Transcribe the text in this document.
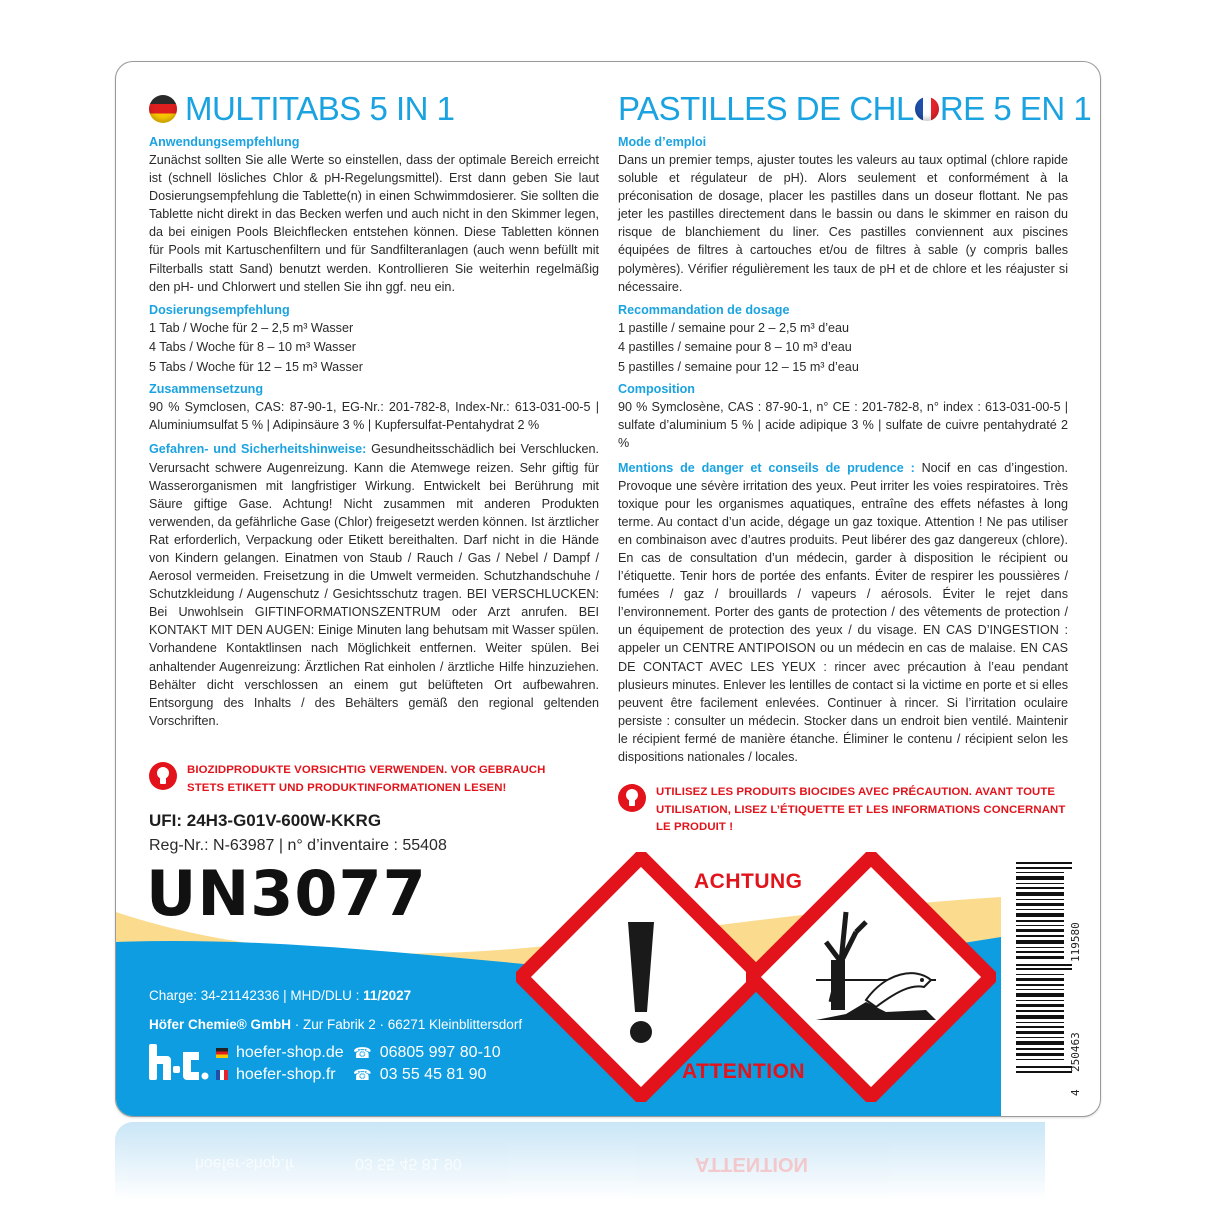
MULTITABS 5 IN 1
Anwendungsempfehlung

Zunächst sollten Sie alle Werte so einstellen, dass der optimale Bereich erreicht ist (schnell lösliches Chlor & pH-Regelungsmittel). Erst dann geben Sie laut Dosierungsempfehlung die Tablette(n) in einen Schwimmdosierer. Sie sollten die Tablette nicht direkt in das Becken werfen und auch nicht in den Skimmer legen, da bei einigen Pools Bleichflecken entstehen können. Diese Tabletten können für Pools mit Kartuschenfiltern und für Sandfilteranlagen (auch wenn befüllt mit Filterballs statt Sand) benutzt werden. Kontrollieren Sie weiterhin regelmäßig den pH- und Chlorwert und stellen Sie ihn ggf. neu ein.

Dosierungsempfehlung
1 Tab / Woche für 2 – 2,5 m³ Wasser
4 Tabs / Woche für 8 – 10 m³ Wasser
5 Tabs / Woche für 12 – 15 m³ Wasser
Zusammensetzung

90 % Symclosen, CAS: 87-90-1, EG-Nr.: 201-782-8, Index-Nr.: 613-031-00-5 | Aluminiumsulfat 5 % | Adipinsäure 3 % | Kupfersulfat-Pentahydrat 2 %

Gefahren- und Sicherheitshinweise: Gesundheitsschädlich bei Verschlucken. Verursacht schwere Augenreizung. Kann die Atemwege reizen. Sehr giftig für Wasserorganismen mit langfristiger Wirkung. Entwickelt bei Berührung mit Säure giftige Gase. Achtung! Nicht zusammen mit anderen Produkten verwenden, da gefährliche Gase (Chlor) freigesetzt werden können. Ist ärztlicher Rat erforderlich, Verpackung oder Etikett bereithalten. Darf nicht in die Hände von Kindern gelangen. Einatmen von Staub / Rauch / Gas / Nebel / Dampf / Aerosol vermeiden. Freisetzung in die Umwelt vermeiden. Schutzhandschuhe / Schutzkleidung / Augenschutz / Gesichtsschutz tragen. BEI VERSCHLUCKEN: Bei Unwohlsein GIFTINFORMATIONSZENTRUM oder Arzt anrufen. BEI KONTAKT MIT DEN AUGEN: Einige Minuten lang behutsam mit Wasser spülen. Vorhandene Kontaktlinsen nach Möglichkeit entfernen. Weiter spülen. Bei anhaltender Augenreizung: Ärztlichen Rat einholen / ärztliche Hilfe hinzuziehen. Behälter dicht verschlossen an einem gut belüfteten Ort aufbewahren. Entsorgung des Inhalts / des Behälters gemäß den regional geltenden Vorschriften.

PASTILLES DE CHL RE 5 EN 1
Mode d’emploi

Dans un premier temps, ajuster toutes les valeurs au taux optimal (chlore rapide soluble et régulateur de pH). Alors seulement et conformément à la préconisation de dosage, placer les pastilles dans un doseur flottant. Ne pas jeter les pastilles directement dans le bassin ou dans le skimmer en raison du risque de blanchiement du liner. Ces pastilles conviennent aux piscines équipées de filtres à cartouches et/ou de filtres à sable (y compris balles polymères). Vérifier régulièrement les taux de pH et de chlore et les réajuster si nécessaire.

Recommandation de dosage
1 pastille / semaine pour 2 – 2,5 m³ d’eau
4 pastilles / semaine pour 8 – 10 m³ d’eau
5 pastilles / semaine pour 12 – 15 m³ d’eau
Composition

90 % Symclosène, CAS : 87-90-1, n° CE : 201-782-8, n° index : 613-031-00-5 | sulfate d’aluminium 5 % | acide adipique 3 % | sulfate de cuivre pentahydraté 2 %

Mentions de danger et conseils de prudence : Nocif en cas d’ingestion. Provoque une sévère irritation des yeux. Peut irriter les voies respiratoires. Très toxique pour les organismes aquatiques, entraîne des effets néfastes à long terme. Au contact d’un acide, dégage un gaz toxique. Attention ! Ne pas utiliser en combinaison avec d’autres produits. Peut libérer des gaz dangereux (chlore). En cas de consultation d’un médecin, garder à disposition le récipient ou l’étiquette. Tenir hors de portée des enfants. Éviter de respirer les poussières / fumées / gaz / brouillards / vapeurs / aérosols. Éviter le rejet dans l’environnement. Porter des gants de protection / des vêtements de protection / un équipement de protection des yeux / du visage. EN CAS D’INGESTION : appeler un CENTRE ANTIPOISON ou un médecin en cas de malaise. EN CAS DE CONTACT AVEC LES YEUX : rincer avec précaution à l’eau pendant plusieurs minutes. Enlever les lentilles de contact si la victime en porte et si elles peuvent être facilement enlevées. Continuer à rincer. Si l’irritation oculaire persiste : consulter un médecin. Stocker dans un endroit bien ventilé. Maintenir le récipient fermé de manière étanche. Éliminer le contenu / récipient selon les dispositions nationales / locales.

BIOZIDPRODUKTE VORSICHTIG VERWENDEN. VOR GEBRAUCH STETS ETIKETT UND PRODUKTINFORMATIONEN LESEN!	UTILISEZ LES PRODUITS BIOCIDES AVEC PRÉCAUTION. AVANT TOUTE UTILISATION, LISEZ L’ÉTIQUETTE ET LES INFORMATIONS CONCERNANT LE PRODUIT !
UFI: 24H3-G01V-600W-KKRG
Reg-Nr.: N-63987 | n° d’inventaire : 55408
UN3077
Charge: 34-21142336 | MHD/DLU : 11/2027
Höfer Chemie® GmbH · Zur Fabrik 2 · 66271 Kleinblittersdorf
hoefer-shop.de
hoefer-shop.fr
☎ 06805 997 80-10
☎ 03 55 45 81 90
ACHTUNG
ATTENTION
4
250463
119580
hoefer-shop.fr	03 55 45 81 90	ATTENTION
